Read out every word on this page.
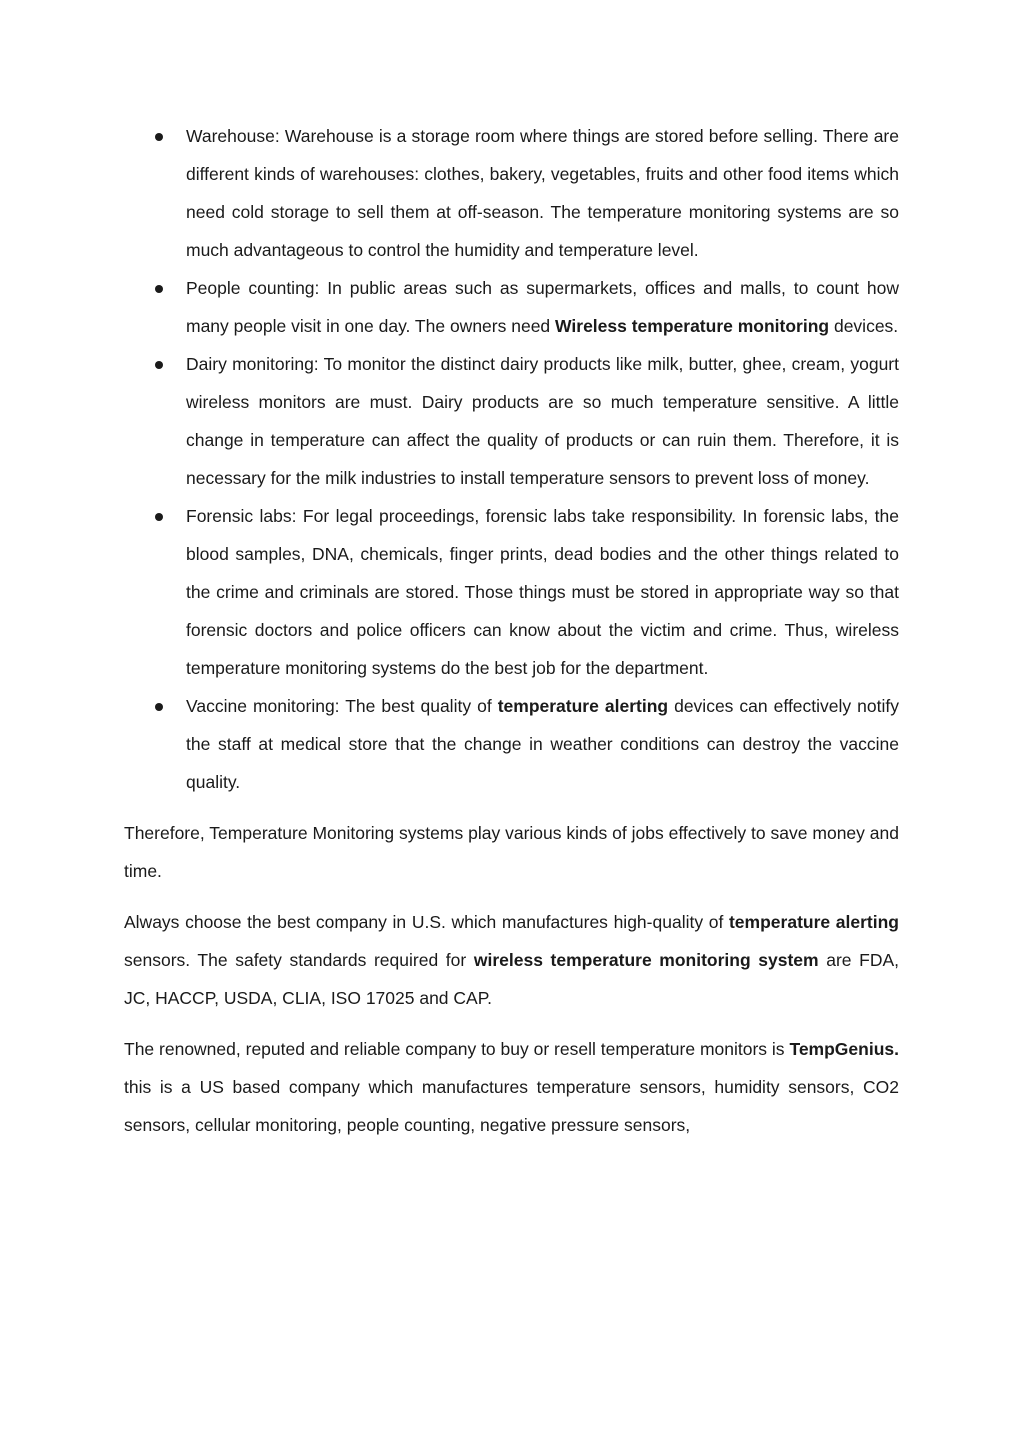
Warehouse: Warehouse is a storage room where things are stored before selling. There are different kinds of warehouses: clothes, bakery, vegetables, fruits and other food items which need cold storage to sell them at off-season. The temperature monitoring systems are so much advantageous to control the humidity and temperature level.
People counting: In public areas such as supermarkets, offices and malls, to count how many people visit in one day. The owners need Wireless temperature monitoring devices.
Dairy monitoring: To monitor the distinct dairy products like milk, butter, ghee, cream, yogurt wireless monitors are must. Dairy products are so much temperature sensitive. A little change in temperature can affect the quality of products or can ruin them. Therefore, it is necessary for the milk industries to install temperature sensors to prevent loss of money.
Forensic labs: For legal proceedings, forensic labs take responsibility. In forensic labs, the blood samples, DNA, chemicals, finger prints, dead bodies and the other things related to the crime and criminals are stored. Those things must be stored in appropriate way so that forensic doctors and police officers can know about the victim and crime. Thus, wireless temperature monitoring systems do the best job for the department.
Vaccine monitoring: The best quality of temperature alerting devices can effectively notify the staff at medical store that the change in weather conditions can destroy the vaccine quality.

Therefore, Temperature Monitoring systems play various kinds of jobs effectively to save money and time.

Always choose the best company in U.S. which manufactures high-quality of temperature alerting sensors. The safety standards required for wireless temperature monitoring system are FDA, JC, HACCP, USDA, CLIA, ISO 17025 and CAP.

The renowned, reputed and reliable company to buy or resell temperature monitors is TempGenius. this is a US based company which manufactures temperature sensors, humidity sensors, CO2 sensors, cellular monitoring, people counting, negative pressure sensors,
